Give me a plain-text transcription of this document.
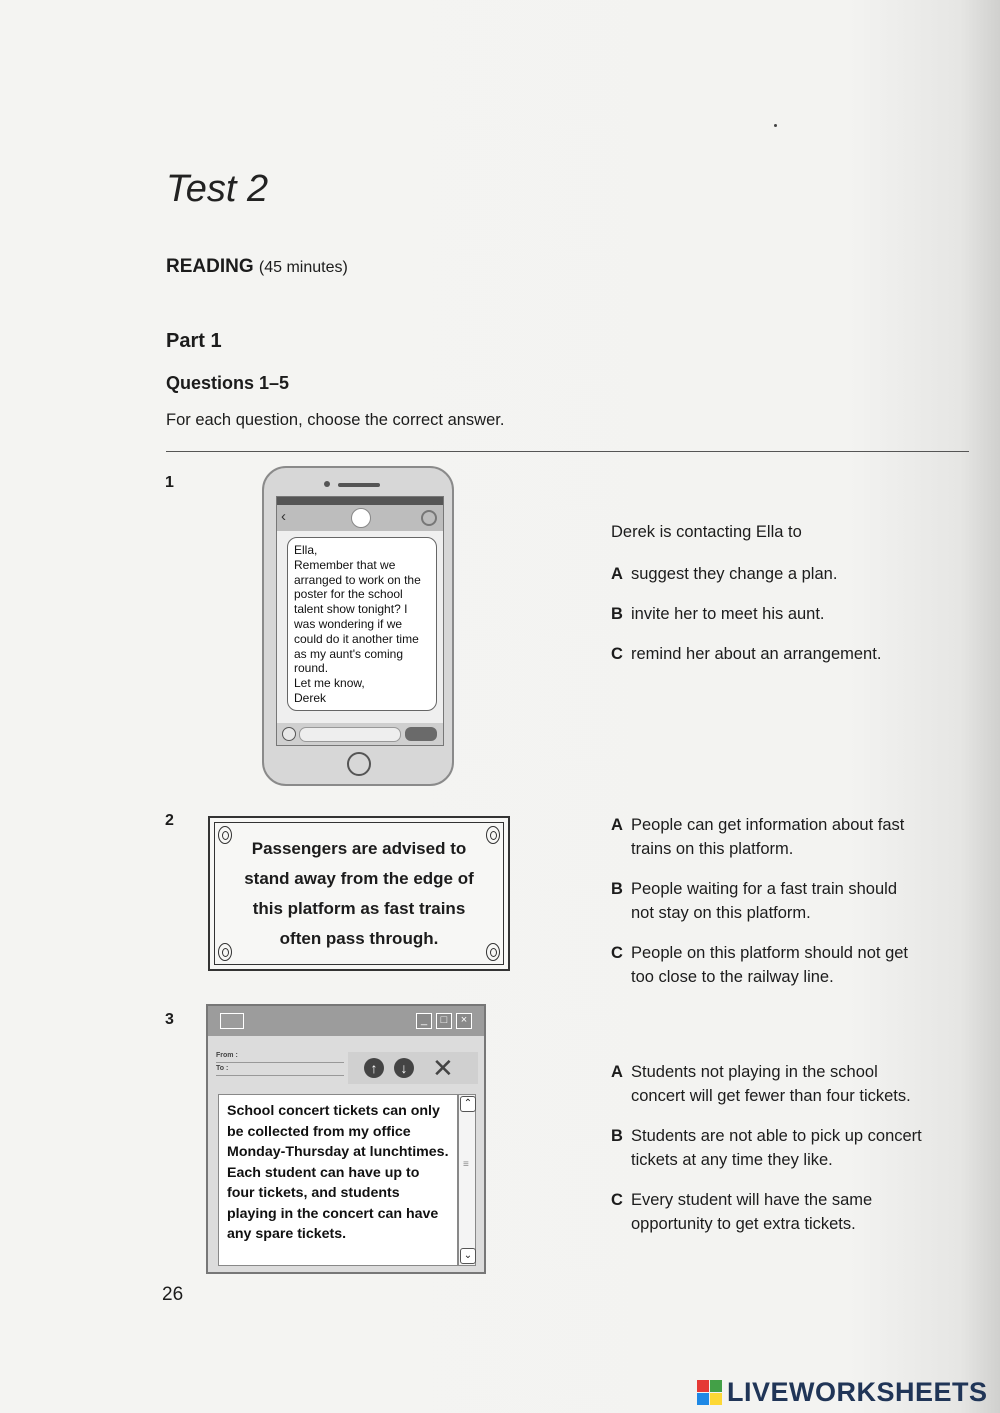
Test 2
READING (45 minutes)
Part 1
Questions 1–5
For each question, choose the correct answer.
1
‹
Ella,
Remember that we arranged to work on the poster for the school talent show tonight? I was wondering if we could do it another time as my aunt's coming round.
Let me know,
Derek
Derek is contacting Ella to
A suggest they change a plan.
B invite her to meet his aunt.
C remind her about an arrangement.
2
Passengers are advised to stand away from the edge of this platform as fast trains often pass through.
A People can get information about fast
trains on this platform.
B People waiting for a fast train should
not stay on this platform.
C People on this platform should not get
too close to the railway line.
3	_	□	×
From :
To :	↑	↓ ✕
School concert tickets can only be collected from my office Monday-Thursday at lunchtimes. Each student can have up to four tickets, and students playing in the concert can have any spare tickets.
⌃
≡
⌄
A Students not playing in the school
concert will get fewer than four tickets.
B Students are not able to pick up concert
tickets at any time they like.
C Every student will have the same
opportunity to get extra tickets.
26
LIVEWORKSHEETS
